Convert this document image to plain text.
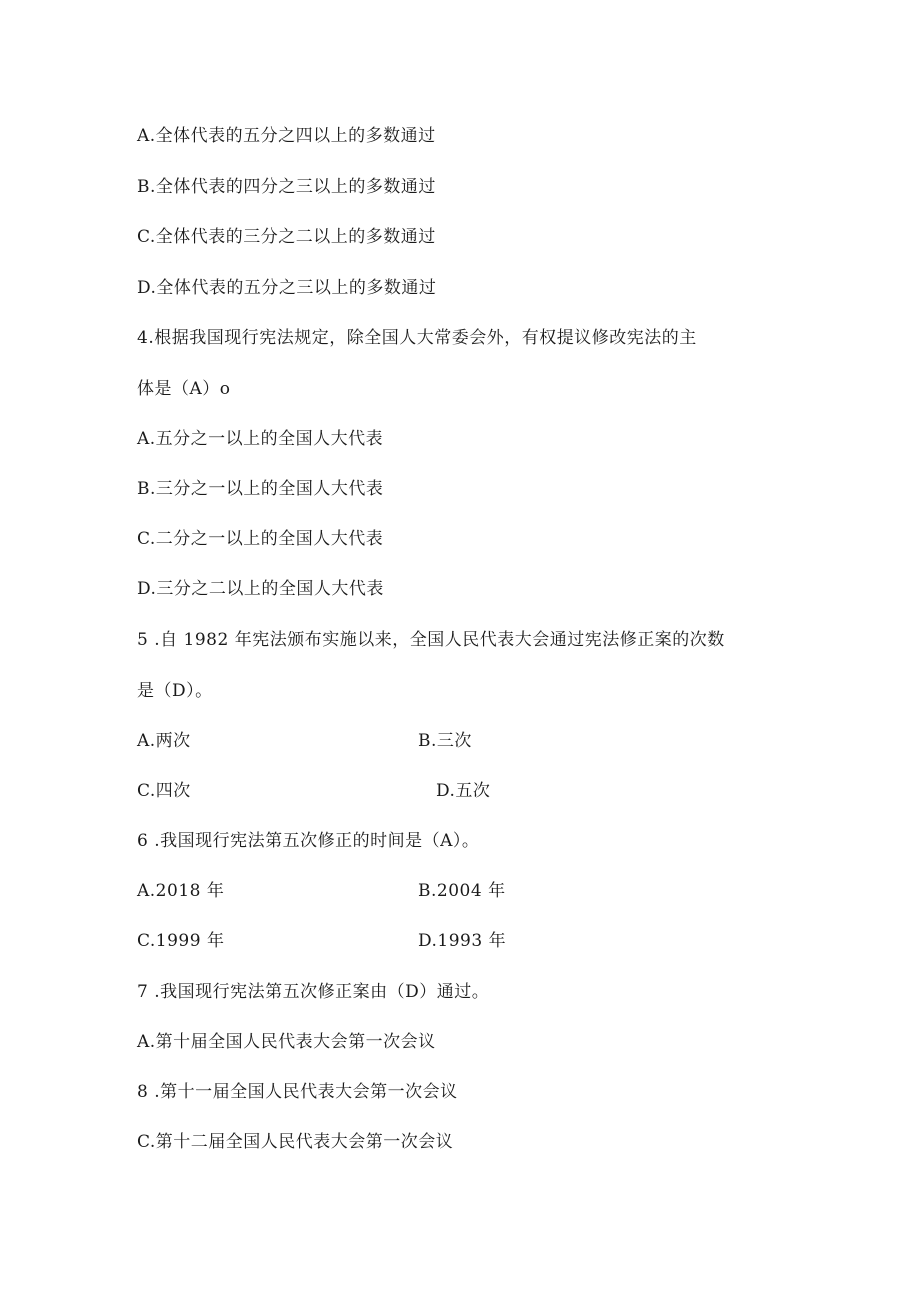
A.全体代表的五分之四以上的多数通过
B.全体代表的四分之三以上的多数通过
C.全体代表的三分之二以上的多数通过
D.全体代表的五分之三以上的多数通过
4.根据我国现行宪法规定，除全国人大常委会外，有权提议修改宪法的主
体是（A）o
A.五分之一以上的全国人大代表
B.三分之一以上的全国人大代表
C.二分之一以上的全国人大代表
D.三分之二以上的全国人大代表
5 .自 1982 年宪法颁布实施以来，全国人民代表大会通过宪法修正案的次数
是（D）。
A.两次	B.三次
C.四次	D.五次
6 .我国现行宪法第五次修正的时间是（A）。
A.2018 年	B.2004 年
C.1999 年	D.1993 年
7 .我国现行宪法第五次修正案由（D）通过。
A.第十届全国人民代表大会第一次会议
8 .第十一届全国人民代表大会第一次会议
C.第十二届全国人民代表大会第一次会议
